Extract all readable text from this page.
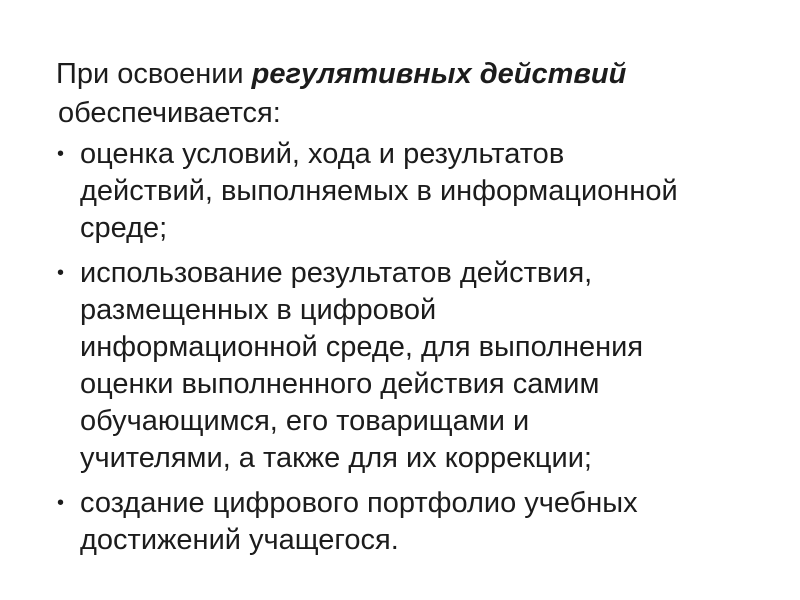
При освоении регулятивных действий

обеспечивается:

• оценка условий, хода и результатов
действий, выполняемых в информационной
среде;
• использование результатов действия,
размещенных в цифровой
информационной среде, для выполнения
оценки выполненного действия самим
обучающимся, его товарищами и
учителями, а также для их коррекции;
• создание цифрового портфолио учебных
достижений учащегося.
